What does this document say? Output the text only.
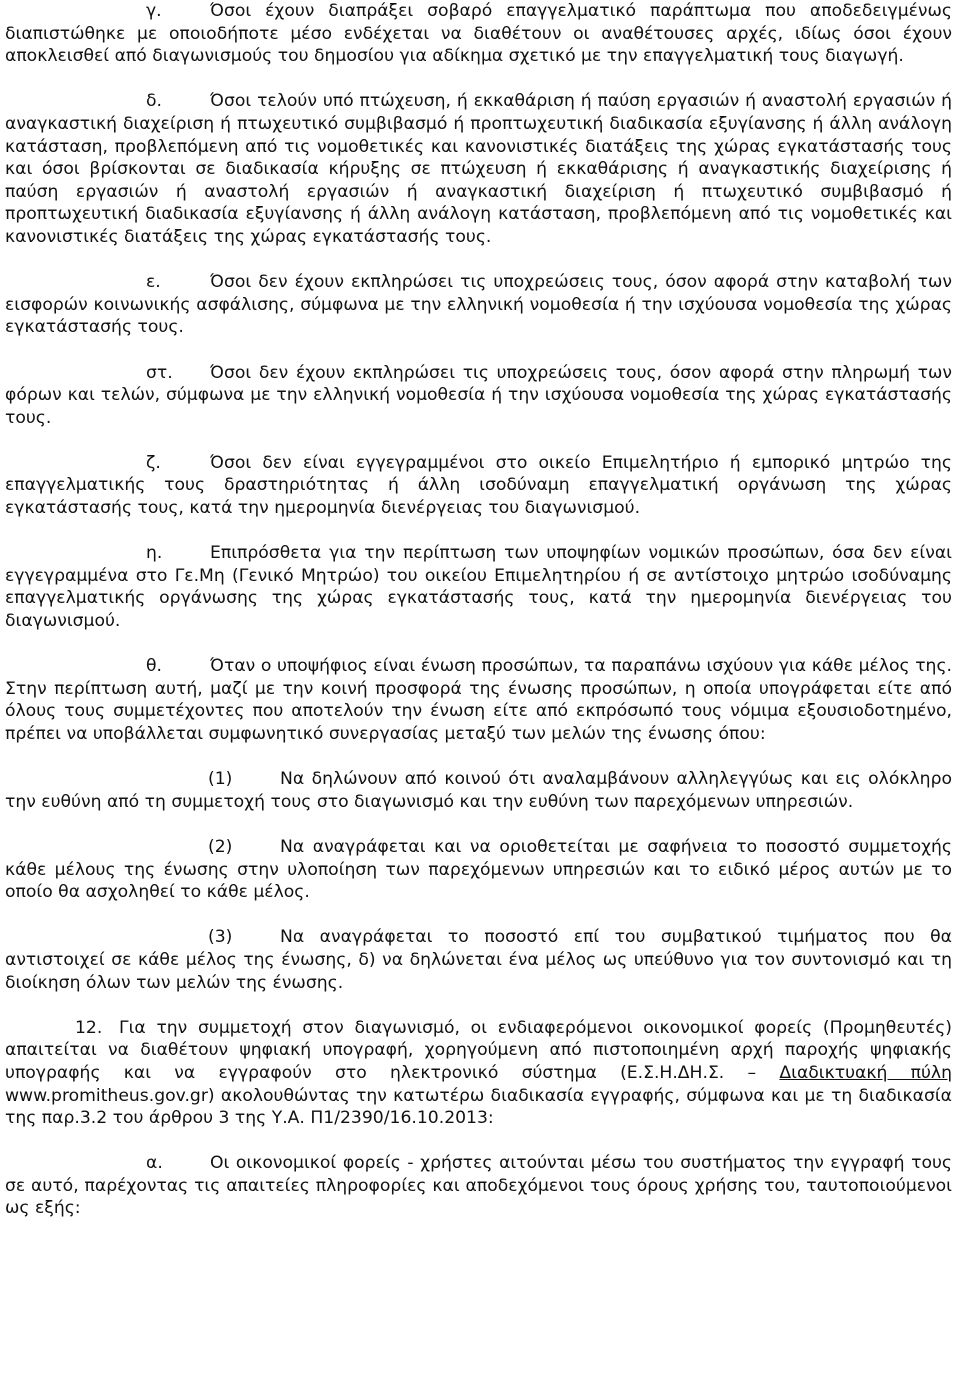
γ.	Όσοι έχουν διαπράξει σοβαρό επαγγελματικό παράπτωμα που αποδεδειγμένως διαπιστώθηκε με οποιοδήποτε μέσο ενδέχεται να διαθέτουν οι αναθέτουσες αρχές, ιδίως όσοι έχουν αποκλεισθεί από διαγωνισμούς του δημοσίου για αδίκημα σχετικό με την επαγγελματική τους διαγωγή.

δ.	Όσοι τελούν υπό πτώχευση, ή εκκαθάριση ή παύση εργασιών ή αναστολή εργασιών ή αναγκαστική διαχείριση ή πτωχευτικό συμβιβασμό ή προπτωχευτική διαδικασία εξυγίανσης ή άλλη ανάλογη κατάσταση, προβλεπόμενη από τις νομοθετικές και κανονιστικές διατάξεις της χώρας εγκατάστασής τους και όσοι βρίσκονται σε διαδικασία κήρυξης σε πτώχευση ή εκκαθάρισης ή αναγκαστικής διαχείρισης ή παύση εργασιών ή αναστολή εργασιών ή αναγκαστική διαχείριση ή πτωχευτικό συμβιβασμό ή προπτωχευτική διαδικασία εξυγίανσης ή άλλη ανάλογη κατάσταση, προβλεπόμενη από τις νομοθετικές και κανονιστικές διατάξεις της χώρας εγκατάστασής τους.

ε.	Όσοι δεν έχουν εκπληρώσει τις υποχρεώσεις τους, όσον αφορά στην καταβολή των εισφορών κοινωνικής ασφάλισης, σύμφωνα με την ελληνική νομοθεσία ή την ισχύουσα νομοθεσία της χώρας εγκατάστασής τους.

στ. Όσοι δεν έχουν εκπληρώσει τις υποχρεώσεις τους, όσον αφορά στην πληρωμή των φόρων και τελών, σύμφωνα με την ελληνική νομοθεσία ή την ισχύουσα νομοθεσία της χώρας εγκατάστασής τους.

ζ.	Όσοι δεν είναι εγγεγραμμένοι στο οικείο Επιμελητήριο ή εμπορικό μητρώο της επαγγελματικής τους δραστηριότητας ή άλλη ισοδύναμη επαγγελματική οργάνωση της χώρας εγκατάστασής τους, κατά την ημερομηνία διενέργειας του διαγωνισμού.

η.	Επιπρόσθετα για την περίπτωση των υποψηφίων νομικών προσώπων, όσα δεν είναι εγγεγραμμένα στο Γε.Μη (Γενικό Μητρώο) του οικείου Επιμελητηρίου ή σε αντίστοιχο μητρώο ισοδύναμης επαγγελματικής οργάνωσης της χώρας εγκατάστασής τους, κατά την ημερομηνία διενέργειας του διαγωνισμού.

θ.	Όταν ο υποψήφιος είναι ένωση προσώπων, τα παραπάνω ισχύουν για κάθε μέλος της. Στην περίπτωση αυτή, μαζί με την κοινή προσφορά της ένωσης προσώπων, η οποία υπογράφεται είτε από όλους τους συμμετέχοντες που αποτελούν την ένωση είτε από εκπρόσωπό τους νόμιμα εξουσιοδοτημένο, πρέπει να υποβάλλεται συμφωνητικό συνεργασίας μεταξύ των μελών της ένωσης όπου:

(1)	Να δηλώνουν από κοινού ότι αναλαμβάνουν αλληλεγγύως και εις ολόκληρο την ευθύνη από τη συμμετοχή τους στο διαγωνισμό και την ευθύνη των παρεχόμενων υπηρεσιών.

(2)	Να αναγράφεται και να οριοθετείται με σαφήνεια το ποσοστό συμμετοχής κάθε μέλους της ένωσης στην υλοποίηση των παρεχόμενων υπηρεσιών και το ειδικό μέρος αυτών με το οποίο θα ασχοληθεί το κάθε μέλος.

(3)	Να αναγράφεται το ποσοστό επί του συμβατικού τιμήματος που θα αντιστοιχεί σε κάθε μέλος της ένωσης, δ) να δηλώνεται ένα μέλος ως υπεύθυνο για τον συντονισμό και τη διοίκηση όλων των μελών της ένωσης.

12. Για την συμμετοχή στον διαγωνισμό, οι ενδιαφερόμενοι οικονομικοί φορείς (Προμηθευτές) απαιτείται να διαθέτουν ψηφιακή υπογραφή, χορηγούμενη από πιστοποιημένη αρχή παροχής ψηφιακής υπογραφής και να εγγραφούν στο ηλεκτρονικό σύστημα (Ε.Σ.Η.ΔΗ.Σ. – Διαδικτυακή πύλη www.promitheus.gov.gr) ακολουθώντας την κατωτέρω διαδικασία εγγραφής, σύμφωνα και με τη διαδικασία της παρ.3.2 του άρθρου 3 της Υ.Α. Π1/2390/16.10.2013:

α.	Οι οικονομικοί φορείς - χρήστες αιτούνται μέσω του συστήματος την εγγραφή τους σε αυτό, παρέχοντας τις απαιτείες πληροφορίες και αποδεχόμενοι τους όρους χρήσης του, ταυτοποιούμενοι ως εξής:
